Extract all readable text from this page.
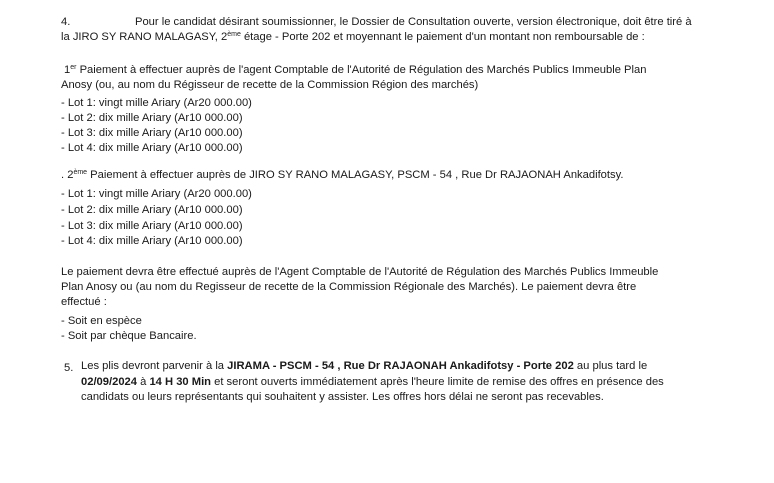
4.	Pour le candidat désirant soumissionner, le Dossier de Consultation ouverte, version électronique, doit être tiré à
la JIRO SY RANO MALAGASY, 2ème étage - Porte 202 et moyennant le paiement d'un montant non remboursable de :
1er Paiement à effectuer auprès de l'agent Comptable de l'Autorité de Régulation des Marchés Publics Immeuble Plan
Anosy (ou, au nom du Régisseur de recette de la Commission Région des marchés)
- Lot 1: vingt mille Ariary (Ar20 000.00)
- Lot 2: dix mille Ariary (Ar10 000.00)
- Lot 3: dix mille Ariary (Ar10 000.00)
- Lot 4: dix mille Ariary (Ar10 000.00)
. 2ème Paiement à effectuer auprès de JIRO SY RANO MALAGASY, PSCM - 54 , Rue Dr RAJAONAH Ankadifotsy.
- Lot 1: vingt mille Ariary (Ar20 000.00)
- Lot 2: dix mille Ariary (Ar10 000.00)
- Lot 3: dix mille Ariary (Ar10 000.00)
- Lot 4: dix mille Ariary (Ar10 000.00)
Le paiement devra être effectué auprès de l'Agent Comptable de l'Autorité de Régulation des Marchés Publics Immeuble
Plan Anosy ou (au nom du Regisseur de recette de la Commission Régionale des Marchés). Le paiement devra être
effectué :
- Soit en espèce
- Soit par chèque Bancaire.
5. Les plis devront parvenir à la JIRAMA - PSCM - 54 , Rue Dr RAJAONAH Ankadifotsy - Porte 202 au plus tard le
02/09/2024 à 14 H 30 Min et seront ouverts immédiatement après l'heure limite de remise des offres en présence des
candidats ou leurs représentants qui souhaitent y assister. Les offres hors délai ne seront pas recevables.
